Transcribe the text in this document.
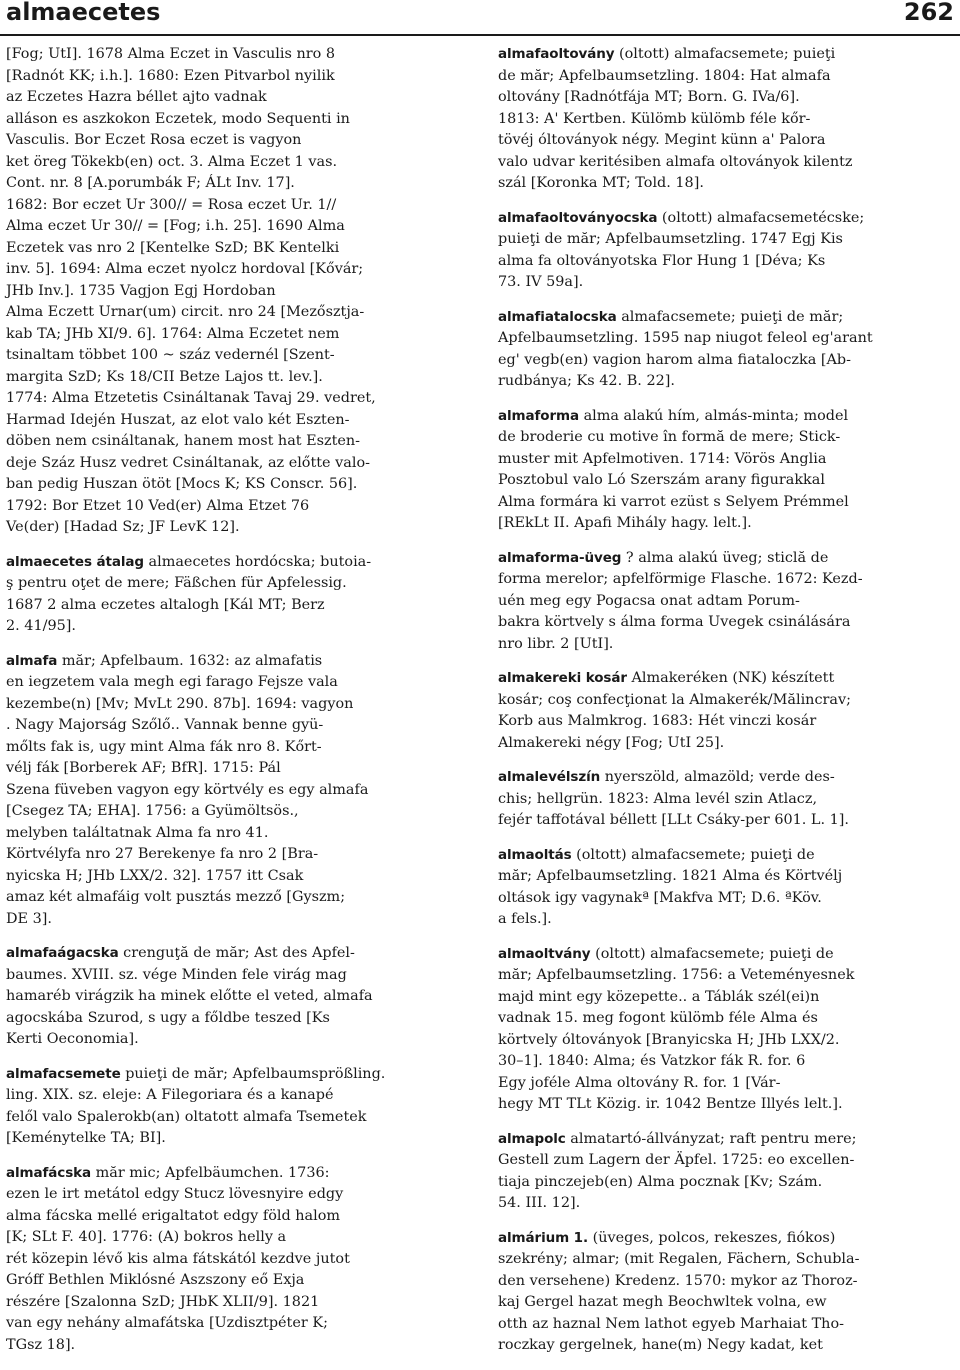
almaecetes	262
[Fog; UtI]. 1678 Alma Eczet in Vasculis nro 8
[Radnót KK; i.h.]. 1680: Ezen Pitvarbol nyilik
az Eczetes Hazra béllet ajto vadnak
alláson es aszkokon Eczetek, modo Sequenti in
Vasculis. Bor Eczet Rosa eczet is vagyon
ket öreg Tökekb(en) oct. 3. Alma Eczet 1 vas.
Cont. nr. 8 [A.porumbák F; ÁLt Inv. 17].
1682: Bor eczet Ur 300// = Rosa eczet Ur. 1//
Alma eczet Ur 30// = [Fog; i.h. 25]. 1690 Alma
Eczetek vas nro 2 [Kentelke SzD; BK Kentelki
inv. 5]. 1694: Alma eczet nyolcz hordoval [Kővár;
JHb Inv.]. 1735 Vagjon Egj Hordoban
Alma Eczett Urnar(um) circit. nro 24 [Mezősztja-
kab TA; JHb XI/9. 6]. 1764: Alma Eczetet nem
tsinaltam többet 100 ~ száz vedernél [Szent-
margita SzD; Ks 18/CII Betze Lajos tt. lev.].
1774: Alma Etzetetis Csináltanak Tavaj 29. vedret,
Harmad Idején Huszat, az elot valo két Eszten-
döben nem csináltanak, hanem most hat Eszten-
deje Száz Husz vedret Csináltanak, az előtte valo-
ban pedig Huszan ötöt [Mocs K; KS Conscr. 56].
1792: Bor Etzet 10 Ved(er) Alma Etzet 76
Ve(der) [Hadad Sz; JF LevK 12].
almaecetes átalag almaecetes hordócska; butoia-
ş pentru oţet de mere; Fäßchen für Apfelessig.
1687 2 alma eczetes altalogh [Kál MT; Berz
2. 41/95].
almafa măr; Apfelbaum. 1632: az almafatis
en iegzetem vala megh egi farago Fejsze vala
kezembe(n) [Mv; MvLt 290. 87b]. 1694: vagyon
. Nagy Majorság Szőlő.. Vannak benne gyü-
mőlts fak is, ugy mint Alma fák nro 8. Kőrt-
vélj fák [Borberek AF; BfR]. 1715: Pál
Szena füveben vagyon egy körtvély es egy almafa
[Csegez TA; EHA]. 1756: a Gyümöltsös.,
melyben találtatnak Alma fa nro 41.
Körtvélyfa nro 27 Berekenye fa nro 2 [Bra-
nyicska H; JHb LXX/2. 32]. 1757 itt Csak
amaz két almafáig volt pusztás mezző [Gyszm;
DE 3].
almafaágacska crenguţă de măr; Ast des Apfel-
baumes. XVIII. sz. vége Minden fele virág mag
hamaréb virágzik ha minek előtte el veted, almafa
agocskába Szurod, s ugy a főldbe teszed [Ks
Kerti Oeconomia].
almafacsemete puieţi de măr; Apfelbaumsprößling.
ling. XIX. sz. eleje: A Filegoriara és a kanapé
felől valo Spalerokb(an) oltatott almafa Tsemetek
[Keménytelke TA; BI].
almafácska măr mic; Apfelbäumchen. 1736:
ezen le irt metátol edgy Stucz lövesnyire edgy
alma fácska mellé erigaltatot edgy föld halom
[K; SLt F. 40]. 1776: (A) bokros helly a
rét közepin lévő kis alma fátskától kezdve jutot
Gróff Bethlen Miklósné Aszszony eő Exja
részére [Szalonna SzD; JHbK XLII/9]. 1821
van egy nehány almafátska [Uzdisztpéter K;
TGsz 18].
almafaoltovány (oltott) almafacsemete; puieţi
de măr; Apfelbaumsetzling. 1804: Hat almafa
oltovány [Radnótfája MT; Born. G. IVa/6].
1813: A' Kertben. Külömb külömb féle kőr-
tövéj óltoványok négy. Megint künn a' Palora
valo udvar keritésiben almafa oltoványok kilentz
szál [Koronka MT; Told. 18].
almafaoltoványocska (oltott) almafacsemetécske;
puieţi de măr; Apfelbaumsetzling. 1747 Egj Kis
alma fa oltoványotska Flor Hung 1 [Déva; Ks
73. IV 59a].
almafiatalocska almafacsemete; puieţi de măr;
Apfelbaumsetzling. 1595 nap niugot feleol eg'arant
eg' vegb(en) vagion harom alma fiataloczka [Ab-
rudbánya; Ks 42. B. 22].
almaforma alma alakú hím, almás-minta; model
de broderie cu motive în formă de mere; Stick-
muster mit Apfelmotiven. 1714: Vörös Anglia
Posztobul valo Ló Szerszám arany figurakkal
Alma formára ki varrot ezüst s Selyem Prémmel
[REkLt II. Apafi Mihály hagy. lelt.].
almaforma-üveg ? alma alakú üveg; sticlă de
forma merelor; apfelförmige Flasche. 1672: Kezd-
uén meg egy Pogacsa onat adtam Porum-
bakra körtvely s álma forma Uvegek csinálására
nro libr. 2 [UtI].
almakereki kosár Almakeréken (NK) készített
kosár; coş confecţionat la Almakerék/Mălincrav;
Korb aus Malmkrog. 1683: Hét vinczi kosár
Almakereki négy [Fog; UtI 25].
almalevélszín nyerszöld, almazöld; verde des-
chis; hellgrün. 1823: Alma levél szin Atlacz,
fejér taffotával béllett [LLt Csáky-per 601. L. 1].
almaoltás (oltott) almafacsemete; puieţi de
măr; Apfelbaumsetzling. 1821 Alma és Körtvélj
oltások igy vagynakª [Makfva MT; D.6. ªKöv.
a fels.].
almaoltvány (oltott) almafacsemete; puieţi de
măr; Apfelbaumsetzling. 1756: a Veteményesnek
majd mint egy közepette.. a Táblák szél(ei)n
vadnak 15. meg fogont külömb féle Alma és
körtvely óltoványok [Branyicska H; JHb LXX/2.
30–1]. 1840: Alma; és Vatzkor fák R. for. 6
Egy joféle Alma oltovány R. for. 1 [Vár-
hegy MT TLt Közig. ir. 1042 Bentze Illyés lelt.].
almapolc almatartó-állványzat; raft pentru mere;
Gestell zum Lagern der Äpfel. 1725: eo excellen-
tiaja pinczejeb(en) Alma pocznak [Kv; Szám.
54. III. 12].
almárium 1. (üveges, polcos, rekeszes, fiókos)
szekrény; almar; (mit Regalen, Fächern, Schubla-
den versehene) Kredenz. 1570: mykor az Thoroz-
kaj Gergel hazat megh Beochwltek volna, ew
otth az haznal Nem lathot egyeb Marhaiat Tho-
roczkay gergelnek, hane(m) Negy kadat, ket
